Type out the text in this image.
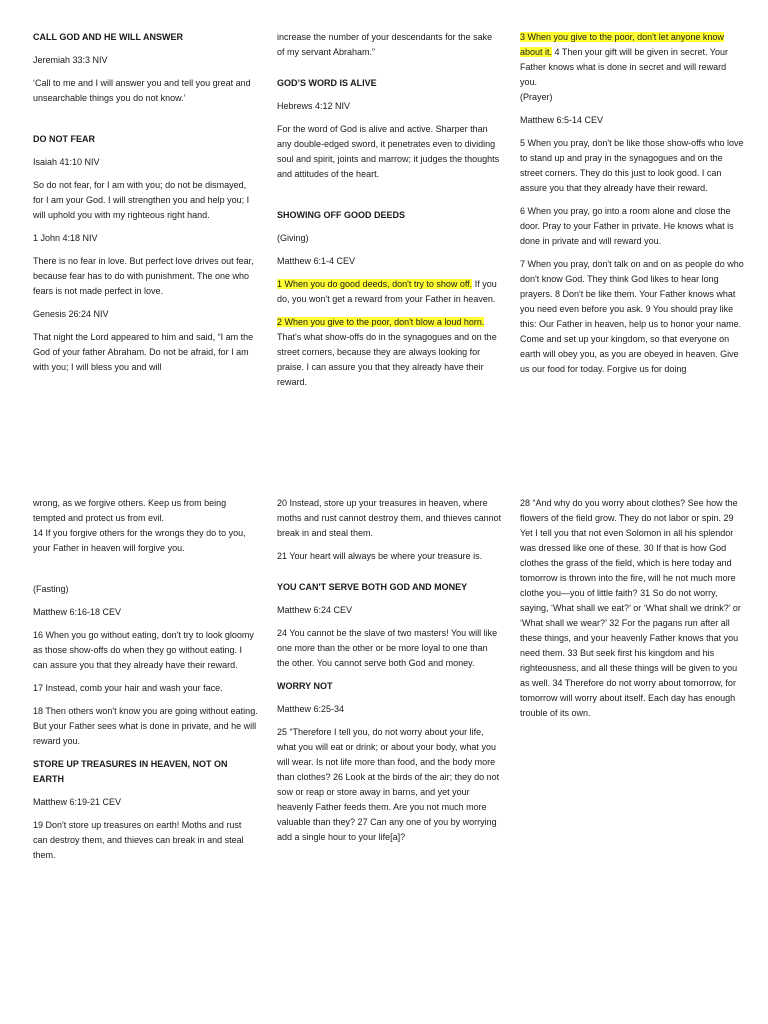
CALL GOD AND HE WILL ANSWER

Jeremiah 33:3 NIV

‘Call to me and I will answer you and tell you great and unsearchable things you do not know.’

DO NOT FEAR

Isaiah 41:10 NIV

So do not fear, for I am with you; do not be dismayed, for I am your God. I will strengthen you and help you; I will uphold you with my righteous right hand.

1 John 4:18 NIV

There is no fear in love. But perfect love drives out fear, because fear has to do with punishment. The one who fears is not made perfect in love.

Genesis 26:24 NIV

That night the Lord appeared to him and said, “I am the God of your father Abraham. Do not be afraid, for I am with you; I will bless you and will

increase the number of your descendants for the sake of my servant Abraham.”

GOD’S WORD IS ALIVE

Hebrews 4:12 NIV

For the word of God is alive and active. Sharper than any double-edged sword, it penetrates even to dividing soul and spirit, joints and marrow; it judges the thoughts and attitudes of the heart.

SHOWING OFF GOOD DEEDS

(Giving)

Matthew 6:1-4 CEV

1 When you do good deeds, don't try to show off. If you do, you won't get a reward from your Father in heaven.

2 When you give to the poor, don't blow a loud horn. That's what show-offs do in the synagogues and on the street corners, because they are always looking for praise. I can assure you that they already have their reward.

3 When you give to the poor, don't let anyone know about it. 4 Then your gift will be given in secret. Your Father knows what is done in secret and will reward you.

(Prayer)

Matthew 6:5-14 CEV

5 When you pray, don't be like those show-offs who love to stand up and pray in the synagogues and on the street corners. They do this just to look good. I can assure you that they already have their reward.

6 When you pray, go into a room alone and close the door. Pray to your Father in private. He knows what is done in private and will reward you.

7 When you pray, don't talk on and on as people do who don't know God. They think God likes to hear long prayers. 8 Don't be like them. Your Father knows what you need even before you ask. 9 You should pray like this: Our Father in heaven, help us to honor your name. Come and set up your kingdom, so that everyone on earth will obey you, as you are obeyed in heaven. Give us our food for today. Forgive us for doing

wrong, as we forgive others. Keep us from being tempted and protect us from evil.

14 If you forgive others for the wrongs they do to you, your Father in heaven will forgive you.

(Fasting)

Matthew 6:16-18 CEV

16 When you go without eating, don't try to look gloomy as those show-offs do when they go without eating. I can assure you that they already have their reward.

17 Instead, comb your hair and wash your face.

18 Then others won't know you are going without eating. But your Father sees what is done in private, and he will reward you.

STORE UP TREASURES IN HEAVEN, NOT ON EARTH

Matthew 6:19-21 CEV

19 Don't store up treasures on earth! Moths and rust can destroy them, and thieves can break in and steal them.

20 Instead, store up your treasures in heaven, where moths and rust cannot destroy them, and thieves cannot break in and steal them.

21 Your heart will always be where your treasure is.

YOU CAN'T SERVE BOTH GOD AND MONEY

Matthew 6:24 CEV

24 You cannot be the slave of two masters! You will like one more than the other or be more loyal to one than the other. You cannot serve both God and money.

WORRY NOT

Matthew 6:25-34

25 “Therefore I tell you, do not worry about your life, what you will eat or drink; or about your body, what you will wear. Is not life more than food, and the body more than clothes? 26 Look at the birds of the air; they do not sow or reap or store away in barns, and yet your heavenly Father feeds them. Are you not much more valuable than they? 27 Can any one of you by worrying add a single hour to your life[a]?

28 “And why do you worry about clothes? See how the flowers of the field grow. They do not labor or spin. 29 Yet I tell you that not even Solomon in all his splendor was dressed like one of these. 30 If that is how God clothes the grass of the field, which is here today and tomorrow is thrown into the fire, will he not much more clothe you—you of little faith? 31 So do not worry, saying, ‘What shall we eat?’ or ‘What shall we drink?’ or ‘What shall we wear?’ 32 For the pagans run after all these things, and your heavenly Father knows that you need them. 33 But seek first his kingdom and his righteousness, and all these things will be given to you as well. 34 Therefore do not worry about tomorrow, for tomorrow will worry about itself. Each day has enough trouble of its own.
